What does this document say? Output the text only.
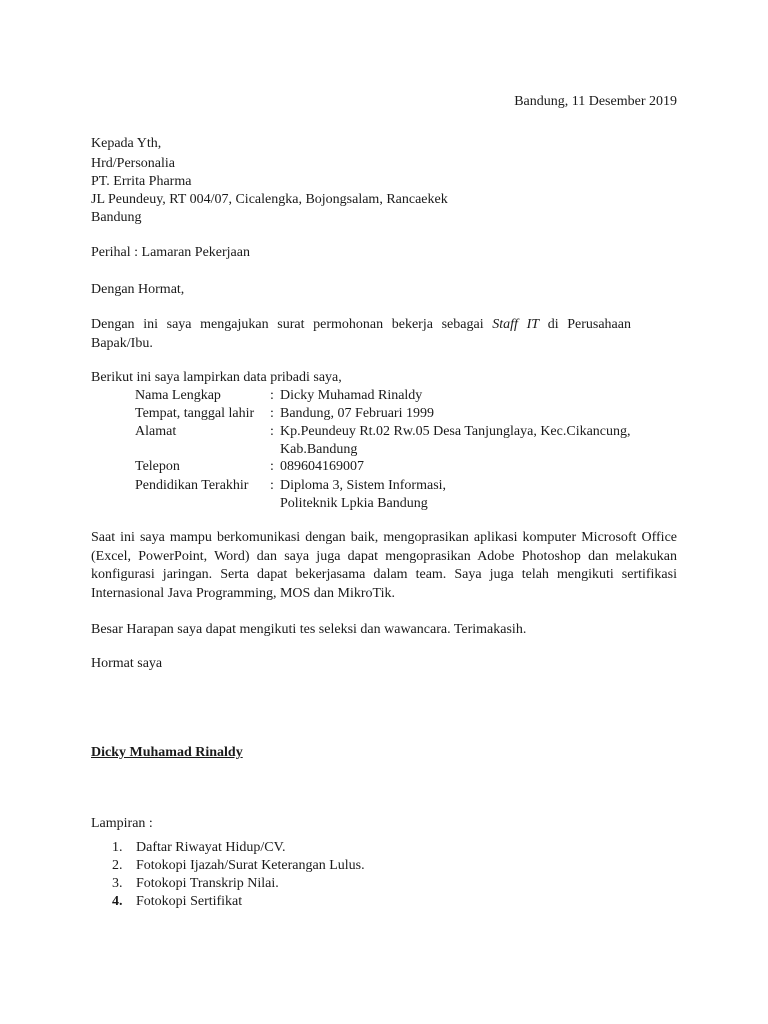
Bandung, 11 Desember 2019
Kepada Yth,
Hrd/Personalia
PT. Errita Pharma
JL Peundeuy, RT 004/07, Cicalengka, Bojongsalam, Rancaekek
Bandung
Perihal : Lamaran Pekerjaan
Dengan Hormat,
Dengan ini saya mengajukan surat permohonan bekerja sebagai Staff IT di Perusahaan Bapak/Ibu.
Berikut ini saya lampirkan data pribadi saya,
Nama Lengkap	: Dicky Muhamad Rinaldy
Tempat, tanggal lahir : Bandung, 07 Februari 1999
Alamat	: Kp.Peundeuy Rt.02 Rw.05 Desa Tanjunglaya, Kec.Cikancung,
Kab.Bandung
Telepon	: 089604169007
Pendidikan Terakhir : Diploma 3, Sistem Informasi,
Politeknik Lpkia Bandung
Saat ini saya mampu berkomunikasi dengan baik, mengoprasikan aplikasi komputer Microsoft Office (Excel, PowerPoint, Word) dan saya juga dapat mengoprasikan Adobe Photoshop dan melakukan konfigurasi jaringan. Serta dapat bekerjasama dalam team. Saya juga telah mengikuti sertifikasi Internasional Java Programming, MOS dan MikroTik.
Besar Harapan saya dapat mengikuti tes seleksi dan wawancara. Terimakasih.
Hormat saya
Dicky Muhamad Rinaldy
Lampiran :
1. Daftar Riwayat Hidup/CV.
2. Fotokopi Ijazah/Surat Keterangan Lulus.
3. Fotokopi Transkrip Nilai.
4. Fotokopi Sertifikat
